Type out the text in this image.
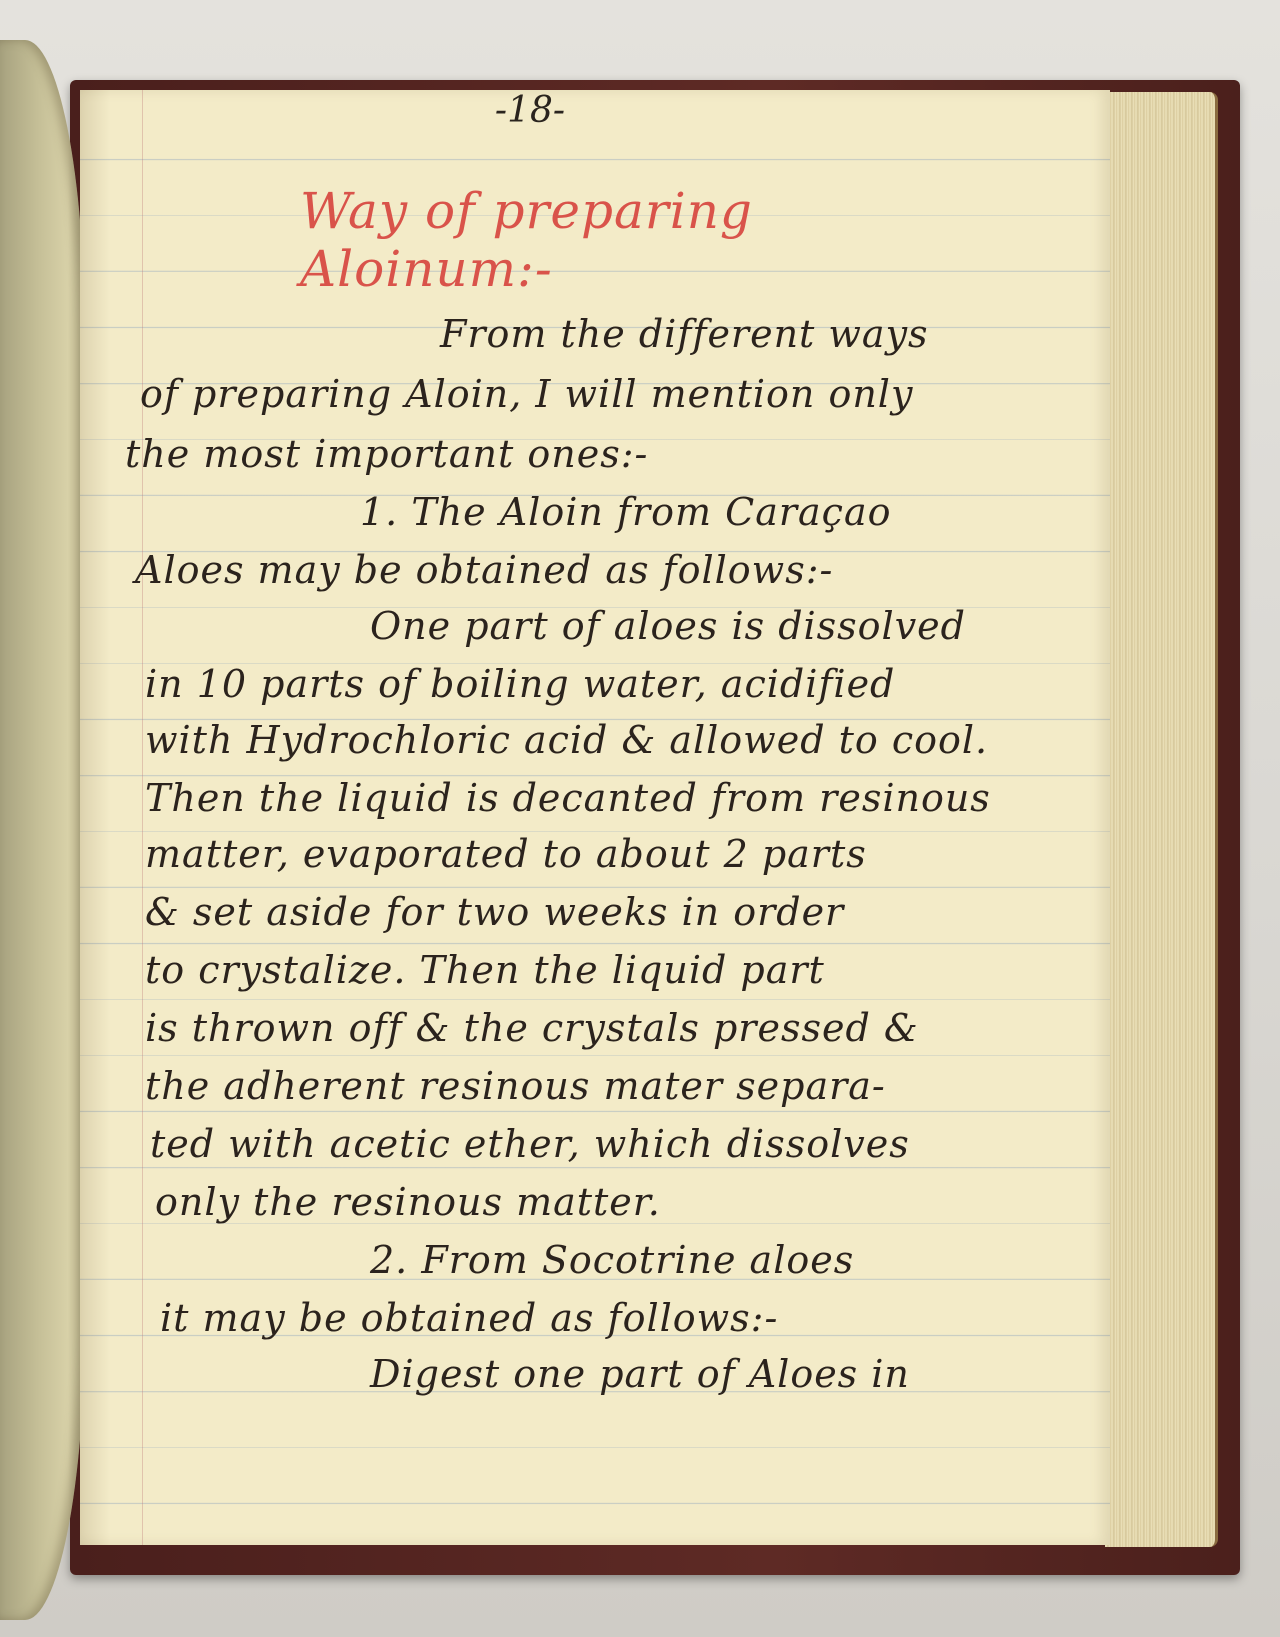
-18-
Way of preparing Aloinum:-
From the different ways
of preparing Aloin, I will mention only
the most important ones:-
1. The Aloin from Caraçao
Aloes may be obtained as follows:-
One part of aloes is dissolved
in 10 parts of boiling water, acidified
with Hydrochloric acid & allowed to cool.
Then the liquid is decanted from resinous
matter, evaporated to about 2 parts
& set aside for two weeks in order
to crystalize. Then the liquid part
is thrown off & the crystals pressed &
the adherent resinous mater separa-
ted with acetic ether, which dissolves
only the resinous matter.
2. From Socotrine aloes
it may be obtained as follows:-
Digest one part of Aloes in
